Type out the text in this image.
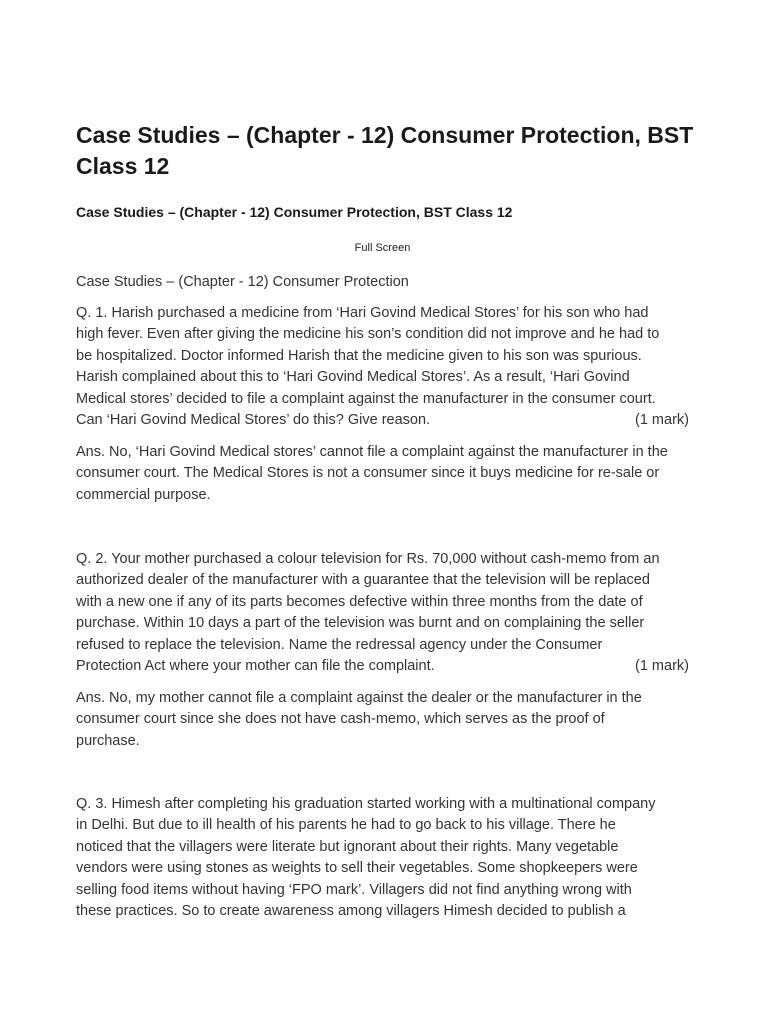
Case Studies – (Chapter - 12) Consumer Protection, BST
Class 12
Case Studies – (Chapter - 12) Consumer Protection, BST Class 12
Full Screen
Case Studies – (Chapter - 12) Consumer Protection
Q. 1. Harish purchased a medicine from ‘Hari Govind Medical Stores’ for his son who had
high fever. Even after giving the medicine his son’s condition did not improve and he had to
be hospitalized. Doctor informed Harish that the medicine given to his son was spurious.
Harish complained about this to ‘Hari Govind Medical Stores’. As a result, ‘Hari Govind
Medical stores’ decided to file a complaint against the manufacturer in the consumer court.
Can ‘Hari Govind Medical Stores’ do this? Give reason.	(1 mark)
Ans. No, ‘Hari Govind Medical stores’ cannot file a complaint against the manufacturer in the
consumer court. The Medical Stores is not a consumer since it buys medicine for re-sale or
commercial purpose.
Q. 2. Your mother purchased a colour television for Rs. 70,000 without cash-memo from an
authorized dealer of the manufacturer with a guarantee that the television will be replaced
with a new one if any of its parts becomes defective within three months from the date of
purchase. Within 10 days a part of the television was burnt and on complaining the seller
refused to replace the television. Name the redressal agency under the Consumer
Protection Act where your mother can file the complaint.	(1 mark)
Ans. No, my mother cannot file a complaint against the dealer or the manufacturer in the
consumer court since she does not have cash-memo, which serves as the proof of
purchase.
Q. 3. Himesh after completing his graduation started working with a multinational company
in Delhi. But due to ill health of his parents he had to go back to his village. There he
noticed that the villagers were literate but ignorant about their rights. Many vegetable
vendors were using stones as weights to sell their vegetables. Some shopkeepers were
selling food items without having ‘FPO mark’. Villagers did not find anything wrong with
these practices. So to create awareness among villagers Himesh decided to publish a
